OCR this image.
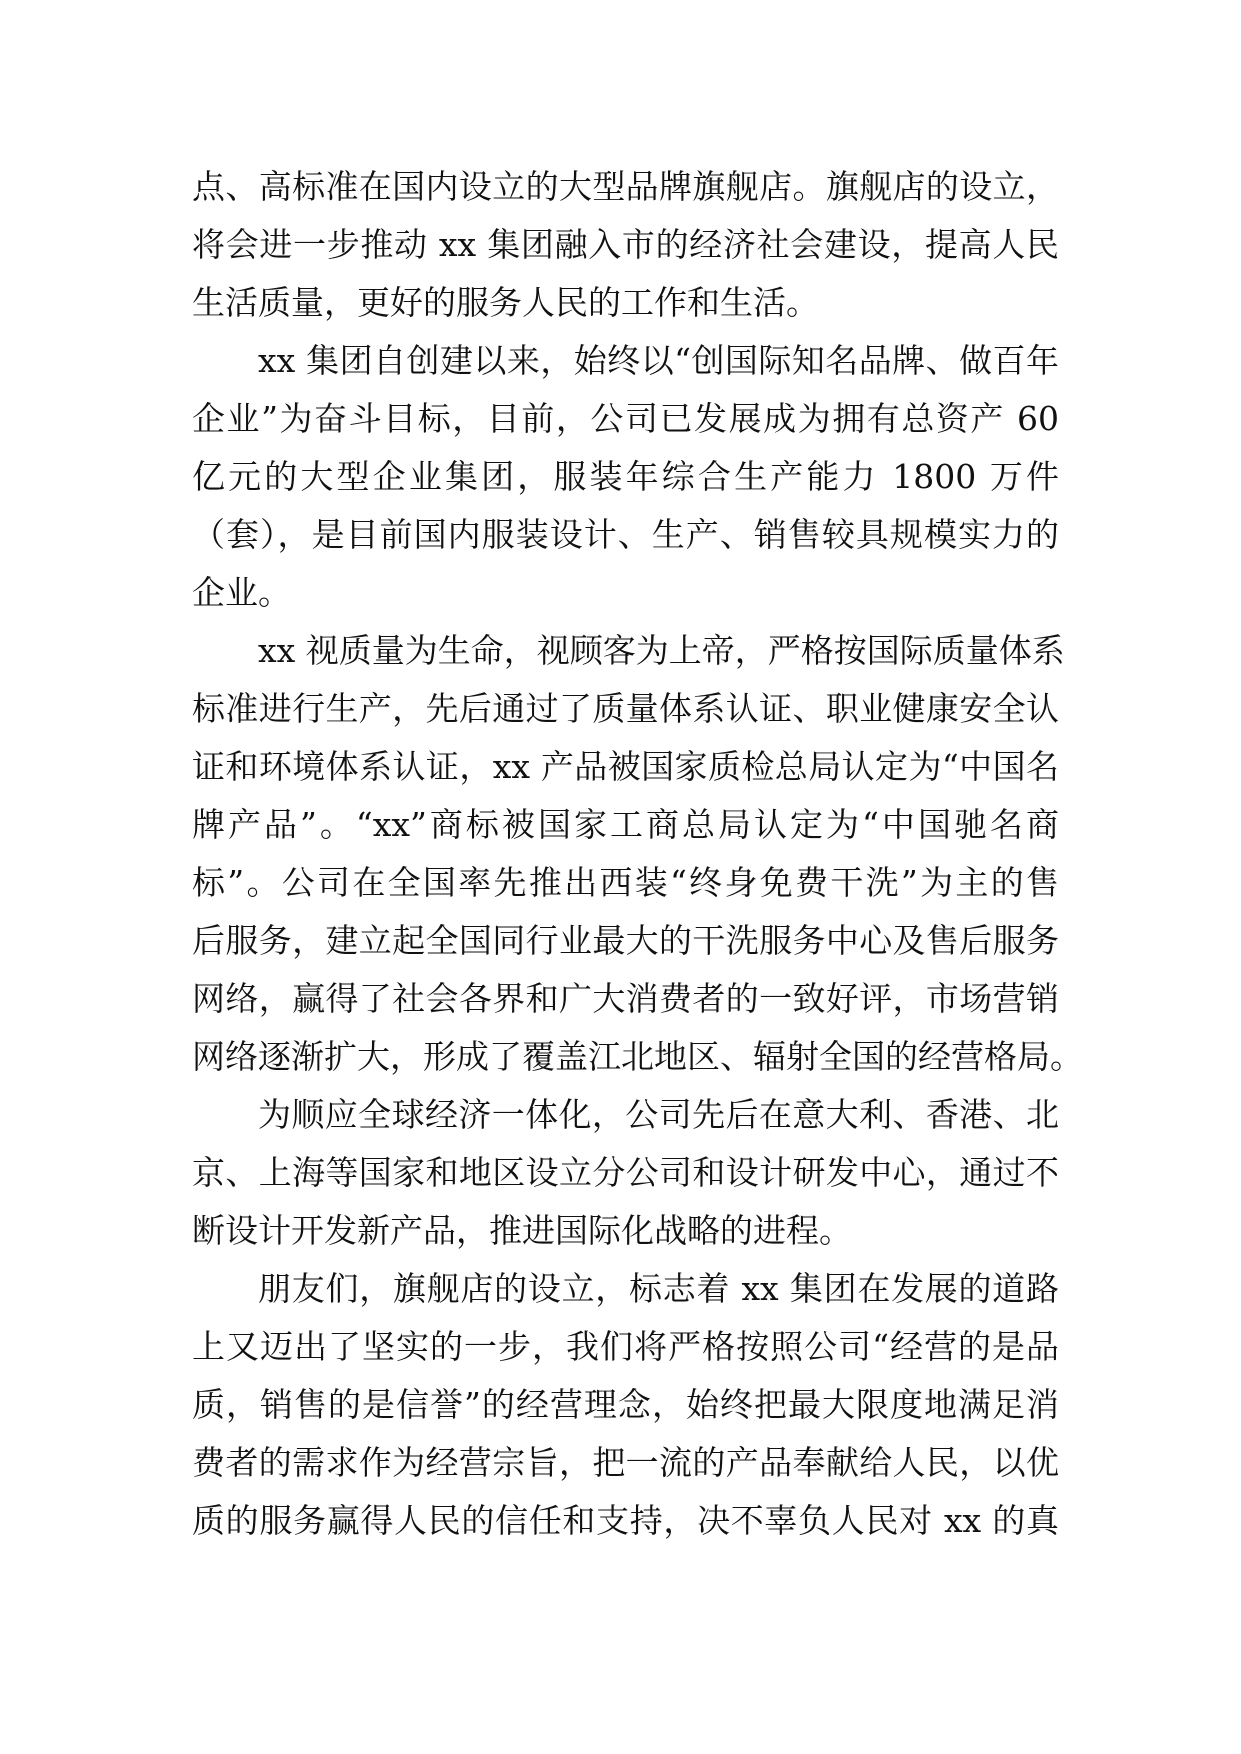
点、高标准在国内设立的大型品牌旗舰店。旗舰店的设立，
将会进一步推动 xx 集团融入市的经济社会建设，提高人民
生活质量，更好的服务人民的工作和生活。
xx 集团自创建以来，始终以“创国际知名品牌、做百年
企业”为奋斗目标，目前，公司已发展成为拥有总资产 60
亿元的大型企业集团，服装年综合生产能力 1800 万件
（套），是目前国内服装设计、生产、销售较具规模实力的
企业。
xx 视质量为生命，视顾客为上帝，严格按国际质量体系
标准进行生产，先后通过了质量体系认证、职业健康安全认
证和环境体系认证，xx 产品被国家质检总局认定为“中国名
牌产品”。“xx”商标被国家工商总局认定为“中国驰名商
标”。公司在全国率先推出西装“终身免费干洗”为主的售
后服务，建立起全国同行业最大的干洗服务中心及售后服务
网络，赢得了社会各界和广大消费者的一致好评，市场营销
网络逐渐扩大，形成了覆盖江北地区、辐射全国的经营格局。
为顺应全球经济一体化，公司先后在意大利、香港、北
京、上海等国家和地区设立分公司和设计研发中心，通过不
断设计开发新产品，推进国际化战略的进程。
朋友们，旗舰店的设立，标志着 xx 集团在发展的道路
上又迈出了坚实的一步，我们将严格按照公司“经营的是品
质，销售的是信誉”的经营理念，始终把最大限度地满足消
费者的需求作为经营宗旨，把一流的产品奉献给人民，以优
质的服务赢得人民的信任和支持，决不辜负人民对 xx 的真
